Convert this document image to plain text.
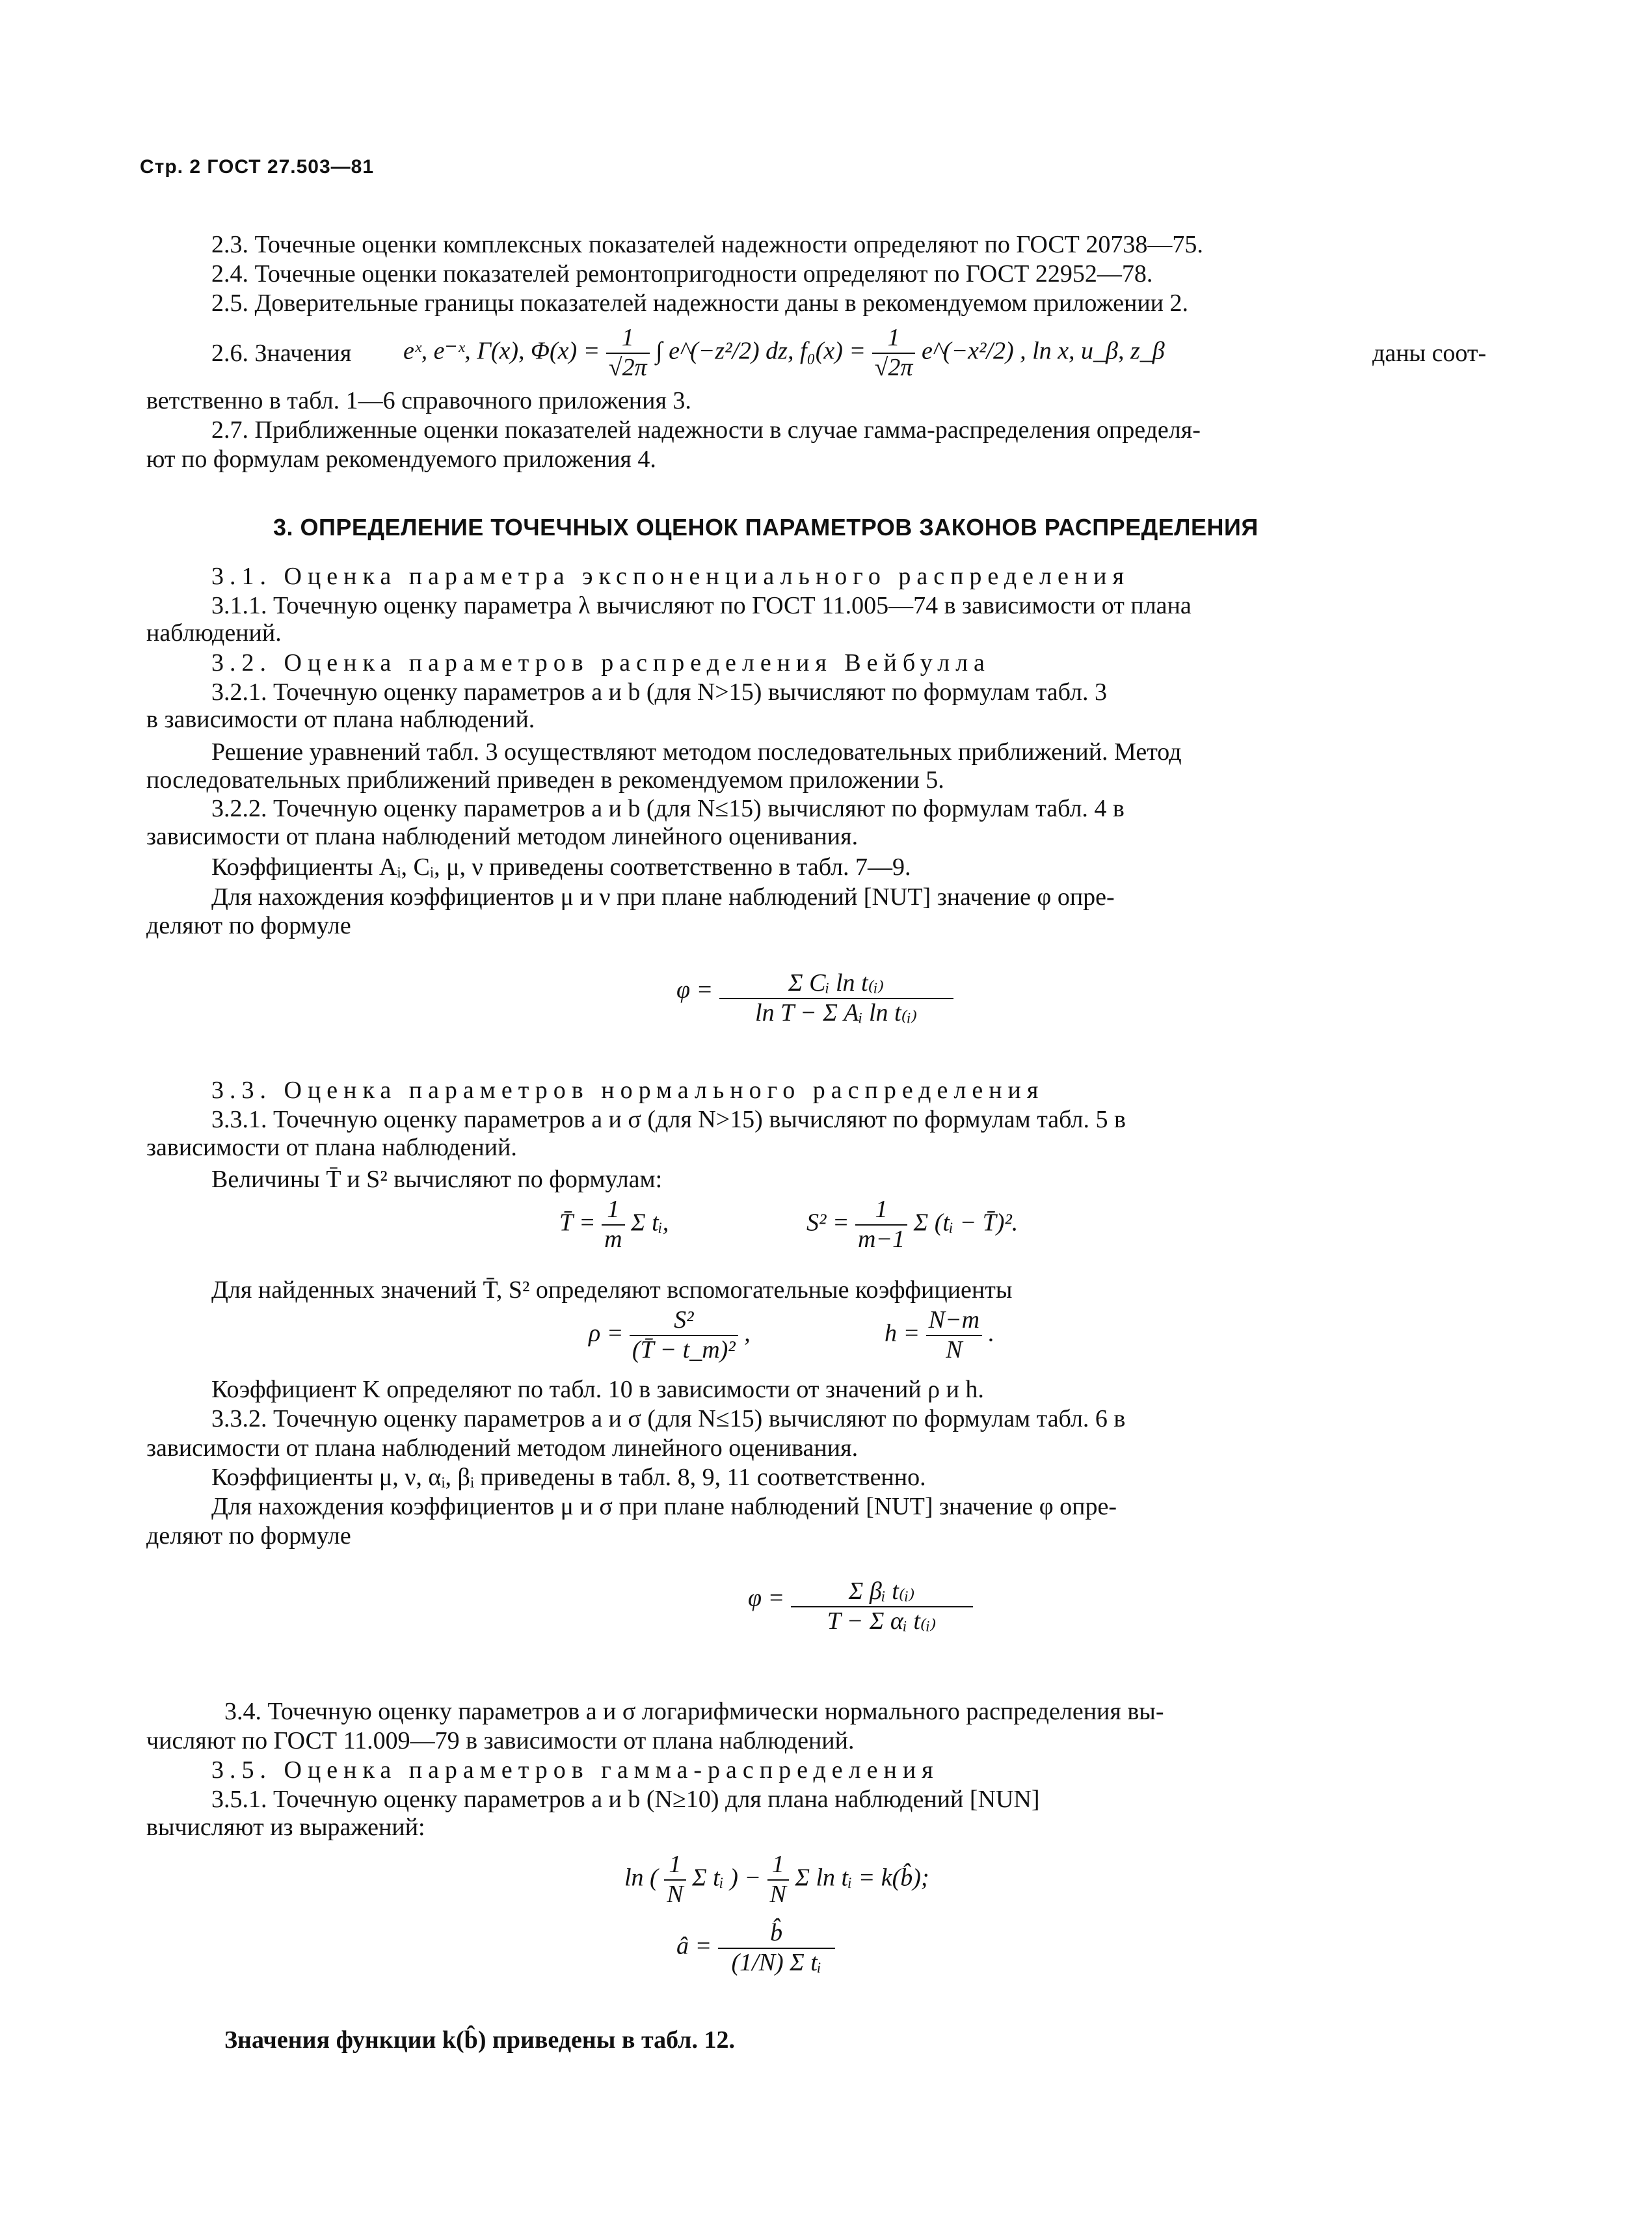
Стр. 2 ГОСТ 27.503—81
2.3. Точечные оценки комплексных показателей надежности определяют по ГОСТ 20738—75.
2.4. Точечные оценки показателей ремонтопригодности определяют по ГОСТ 22952—78.
2.5. Доверительные границы показателей надежности даны в рекомендуемом приложении 2.
2.6. Значения eˣ, e⁻ˣ, Γ(x), $\Phi(x) = \frac{1}{√2\pi}$ ∫ e^(−z²/2) dz, $f_0(x) = \frac{1}{√2\pi}$ e^(−x²/2) , ln x, u_β, z_β	даны соот-
ветственно в табл. 1—6 справочного приложения 3.
2.7. Приближенные оценки показателей надежности в случае гамма-распределения определя-
ют по формулам рекомендуемого приложения 4.
3. ОПРЕДЕЛЕНИЕ ТОЧЕЧНЫХ ОЦЕНОК ПАРАМЕТРОВ ЗАКОНОВ РАСПРЕДЕЛЕНИЯ
3.1. Оценка параметра экспоненциального распределения
3.1.1. Точечную оценку параметра λ вычисляют по ГОСТ 11.005—74 в зависимости от плана
наблюдений.
3.2. Оценка параметров распределения Вейбулла
3.2.1. Точечную оценку параметров a и b (для N>15) вычисляют по формулам табл. 3
в зависимости от плана наблюдений.
Решение уравнений табл. 3 осуществляют методом последовательных приближений. Метод
последовательных приближений приведен в рекомендуемом приложении 5.
3.2.2. Точечную оценку параметров a и b (для N≤15) вычисляют по формулам табл. 4 в
зависимости от плана наблюдений методом линейного оценивания.
Коэффициенты Aᵢ, Cᵢ, μ, ν приведены соответственно в табл. 7—9.
Для нахождения коэффициентов μ и ν при плане наблюдений [NUT] значение φ опре-
деляют по формуле
$\varphi = \frac{\text{Σ Cᵢ ln t₍ᵢ₎}}{\text{ln T − Σ Aᵢ ln t₍ᵢ₎}}$
3.3. Оценка параметров нормального распределения
3.3.1. Точечную оценку параметров a и σ (для N>15) вычисляют по формулам табл. 5 в
зависимости от плана наблюдений.
Величины T̄ и S² вычисляют по формулам:
T̄ = $\frac{1}{m}$ Σ tᵢ,	$S^2 = \frac{1}{m-1}$ Σ (tᵢ − T̄)².
Для найденных значений T̄, S² определяют вспомогательные коэффициенты
$\rho = \frac{\text{S²}}{\text{(T̄ − t\_m)²}}$ ,	$h = \frac{N-m}{N}$ .
Коэффициент K определяют по табл. 10 в зависимости от значений ρ и h.
3.3.2. Точечную оценку параметров a и σ (для N≤15) вычисляют по формулам табл. 6 в
зависимости от плана наблюдений методом линейного оценивания.
Коэффициенты μ, ν, αᵢ, βᵢ приведены в табл. 8, 9, 11 соответственно.
Для нахождения коэффициентов μ и σ при плане наблюдений [NUT] значение φ опре-
деляют по формуле
$\varphi = \frac{\text{Σ βᵢ t₍ᵢ₎}}{\text{T − Σ αᵢ t₍ᵢ₎}}$
3.4. Точечную оценку параметров a и σ логарифмически нормального распределения вы-
числяют по ГОСТ 11.009—79 в зависимости от плана наблюдений.
3.5. Оценка параметров гамма-распределения
3.5.1. Точечную оценку параметров a и b (N≥10) для плана наблюдений [NUN]
вычисляют из выражений:
ln ( $\frac{1}{N}$ Σ tᵢ ) − $\frac{1}{N}$ Σ ln tᵢ = k(b̂);
â = $\frac{b̂}{\text{(1/N) Σ tᵢ}}$
Значения функции k(b̂) приведены в табл. 12.
